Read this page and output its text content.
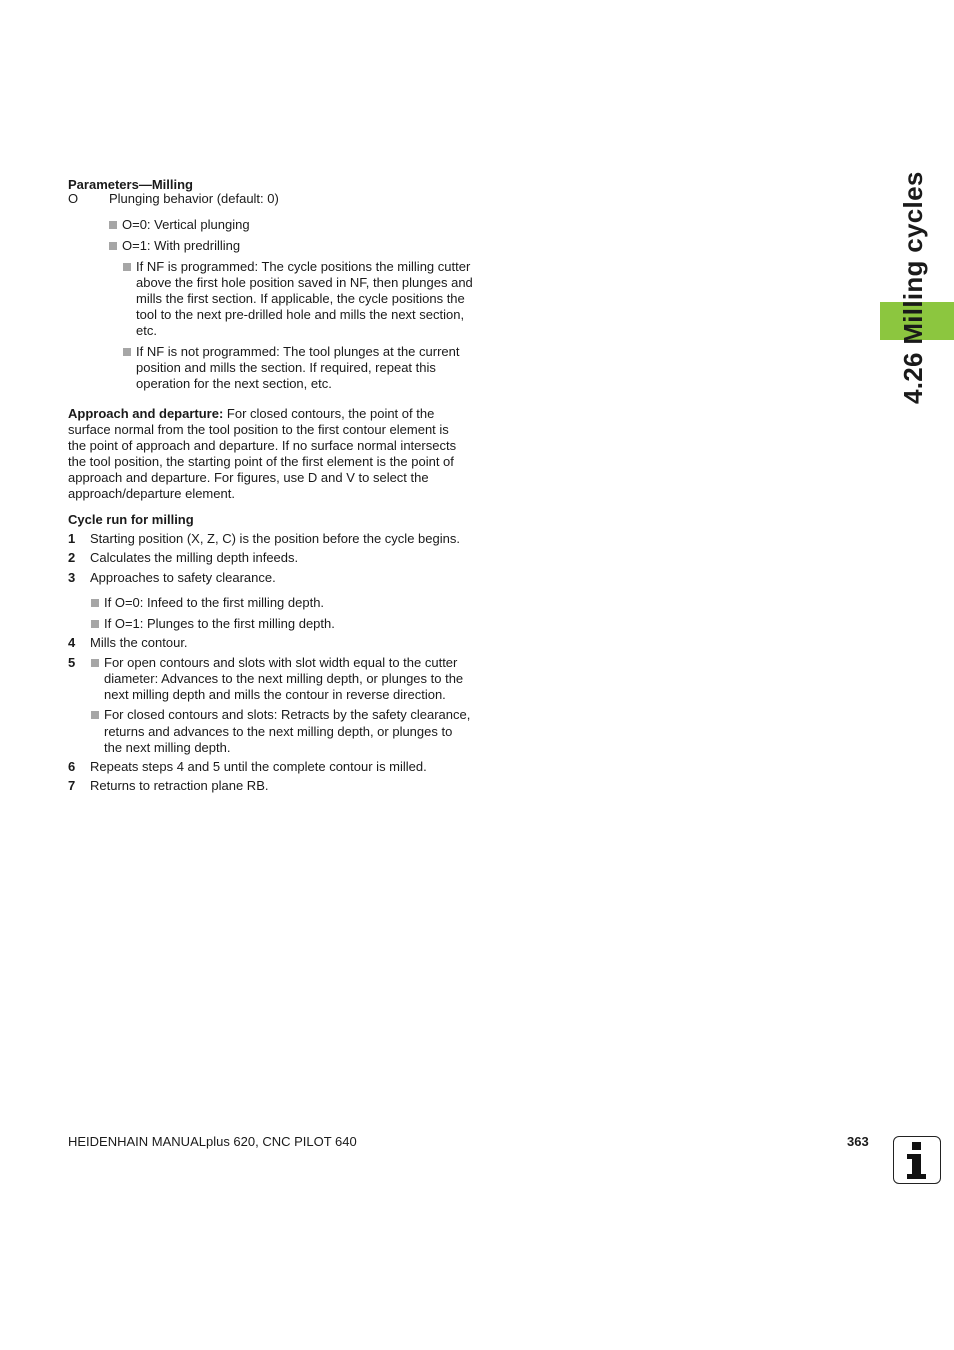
4.26 Milling cycles
Parameters—Milling
O Plunging behavior (default: 0)
O=0: Vertical plunging
O=1: With predrilling
If NF is programmed: The cycle positions the milling cutter
above the first hole position saved in NF, then plunges and
mills the first section. If applicable, the cycle positions the
tool to the next pre-drilled hole and mills the next section,
etc.
If NF is not programmed: The tool plunges at the current
position and mills the section. If required, repeat this
operation for the next section, etc.
Approach and departure: For closed contours, the point of the
surface normal from the tool position to the first contour element is
the point of approach and departure. If no surface normal intersects
the tool position, the starting point of the first element is the point of
approach and departure. For figures, use D and V to select the
approach/departure element.
Cycle run for milling
1 Starting position (X, Z, C) is the position before the cycle begins.
2 Calculates the milling depth infeeds.
3 Approaches to safety clearance.
If O=0: Infeed to the first milling depth.
If O=1: Plunges to the first milling depth.
4 Mills the contour.
5 For open contours and slots with slot width equal to the cutter
diameter: Advances to the next milling depth, or plunges to the
next milling depth and mills the contour in reverse direction.
For closed contours and slots: Retracts by the safety clearance,
returns and advances to the next milling depth, or plunges to
the next milling depth.
6 Repeats steps 4 and 5 until the complete contour is milled.
7 Returns to retraction plane RB.
HEIDENHAIN MANUALplus 620, CNC PILOT 640	363
